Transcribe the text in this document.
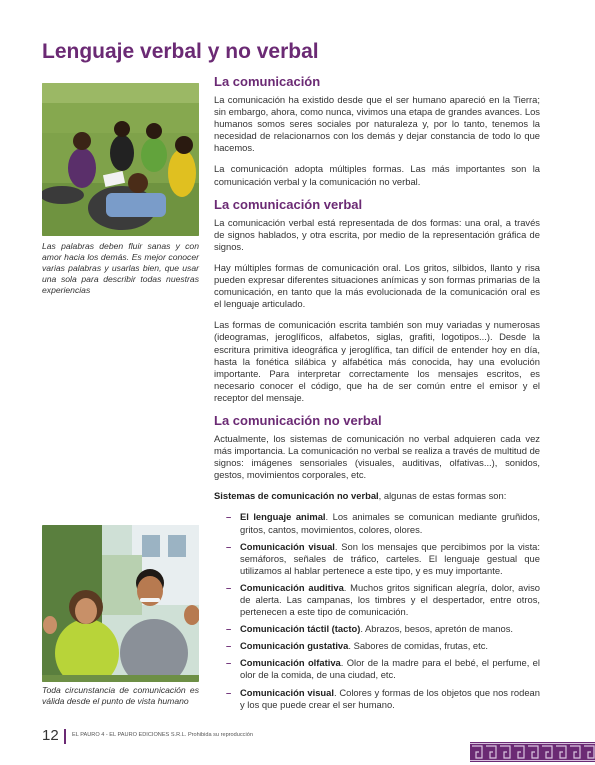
Lenguaje verbal y no verbal
Las palabras deben fluir sanas y con amor hacia los demás. Es mejor conocer varias palabras y usarlas bien, que usar una sola para describir todas nuestras experiencias
Toda circunstancia de comunicación es válida desde el punto de vista humano
La comunicación

La comunicación ha existido desde que el ser humano apareció en la Tierra; sin embargo, ahora, como nunca, vivimos una etapa de grandes avances. Los humanos somos seres sociales por naturaleza y, por lo tanto, tenemos la necesidad de relacionarnos con los demás y dejar constancia de todo lo que hacemos.

La comunicación adopta múltiples formas. Las más importantes son la comunicación verbal y la comunicación no verbal.

La comunicación verbal

La comunicación verbal está representada de dos formas: una oral, a través de signos hablados, y otra escrita, por medio de la representación gráfica de signos.

Hay múltiples formas de comunicación oral. Los gritos, silbidos, llanto y risa pueden expresar diferentes situaciones anímicas y son formas primarias de la comunicación, en tanto que la más evolucionada de la comunicación oral es el lenguaje articulado.

Las formas de comunicación escrita también son muy variadas y numerosas (ideogramas, jeroglíficos, alfabetos, siglas, grafiti, logotipos...). Desde la escritura primitiva ideográfica y jeroglífica, tan difícil de entender hoy en día, hasta la fonética silábica y alfabética más conocida, hay una evolución importante. Para interpretar correctamente los mensajes escritos, es necesario conocer el código, que ha de ser común entre el emisor y el receptor del mensaje.

La comunicación no verbal

Actualmente, los sistemas de comunicación no verbal adquieren cada vez más importancia. La comunicación no verbal se realiza a través de multitud de signos: imágenes sensoriales (visuales, auditivas, olfativas...), sonidos, gestos, movimientos corporales, etc.

Sistemas de comunicación no verbal, algunas de estas formas son:

– El lenguaje animal. Los animales se comunican mediante gruñidos, gritos, cantos, movimientos, colores, olores.
– Comunicación visual. Son los mensajes que percibimos por la vista: semáforos, señales de tráfico, carteles. El lenguaje gestual que utilizamos al hablar pertenece a este tipo, y es muy importante.
– Comunicación auditiva. Muchos gritos significan alegría, dolor, aviso de alerta. Las campanas, los timbres y el despertador, entre otros, pertenecen a este tipo de comunicación.
– Comunicación táctil (tacto). Abrazos, besos, apretón de manos.
– Comunicación gustativa. Sabores de comidas, frutas, etc.
– Comunicación olfativa. Olor de la madre para el bebé, el perfume, el olor de la comida, de una ciudad, etc.
– Comunicación visual. Colores y formas de los objetos que nos rodean y los que puede crear el ser humano.
12 EL PAURO 4 - EL PAURO EDICIONES S.R.L. Prohibida su reproducción
